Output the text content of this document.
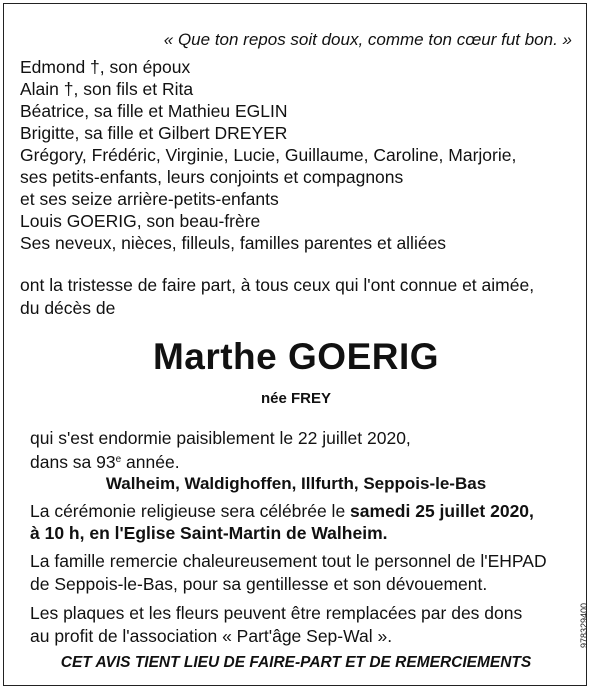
« Que ton repos soit doux, comme ton cœur fut bon. »
Edmond †, son époux
Alain †, son fils et Rita
Béatrice, sa fille et Mathieu EGLIN
Brigitte, sa fille et Gilbert DREYER
Grégory, Frédéric, Virginie, Lucie, Guillaume, Caroline, Marjorie,
ses petits-enfants, leurs conjoints et compagnons
et ses seize arrière-petits-enfants
Louis GOERIG, son beau-frère
Ses neveux, nièces, filleuls, familles parentes et alliées
ont la tristesse de faire part, à tous ceux qui l'ont connue et aimée,
du décès de
Marthe GOERIG
née FREY
qui s'est endormie paisiblement le 22 juillet 2020,
dans sa 93e année.
Walheim, Waldighoffen, Illfurth, Seppois-le-Bas
La cérémonie religieuse sera célébrée le samedi 25 juillet 2020,
à 10 h, en l'Eglise Saint-Martin de Walheim.
La famille remercie chaleureusement tout le personnel de l'EHPAD
de Seppois-le-Bas, pour sa gentillesse et son dévouement.
Les plaques et les fleurs peuvent être remplacées par des dons
au profit de l'association « Part'âge Sep-Wal ».
CET AVIS TIENT LIEU DE FAIRE-PART ET DE REMERCIEMENTS
978329400
